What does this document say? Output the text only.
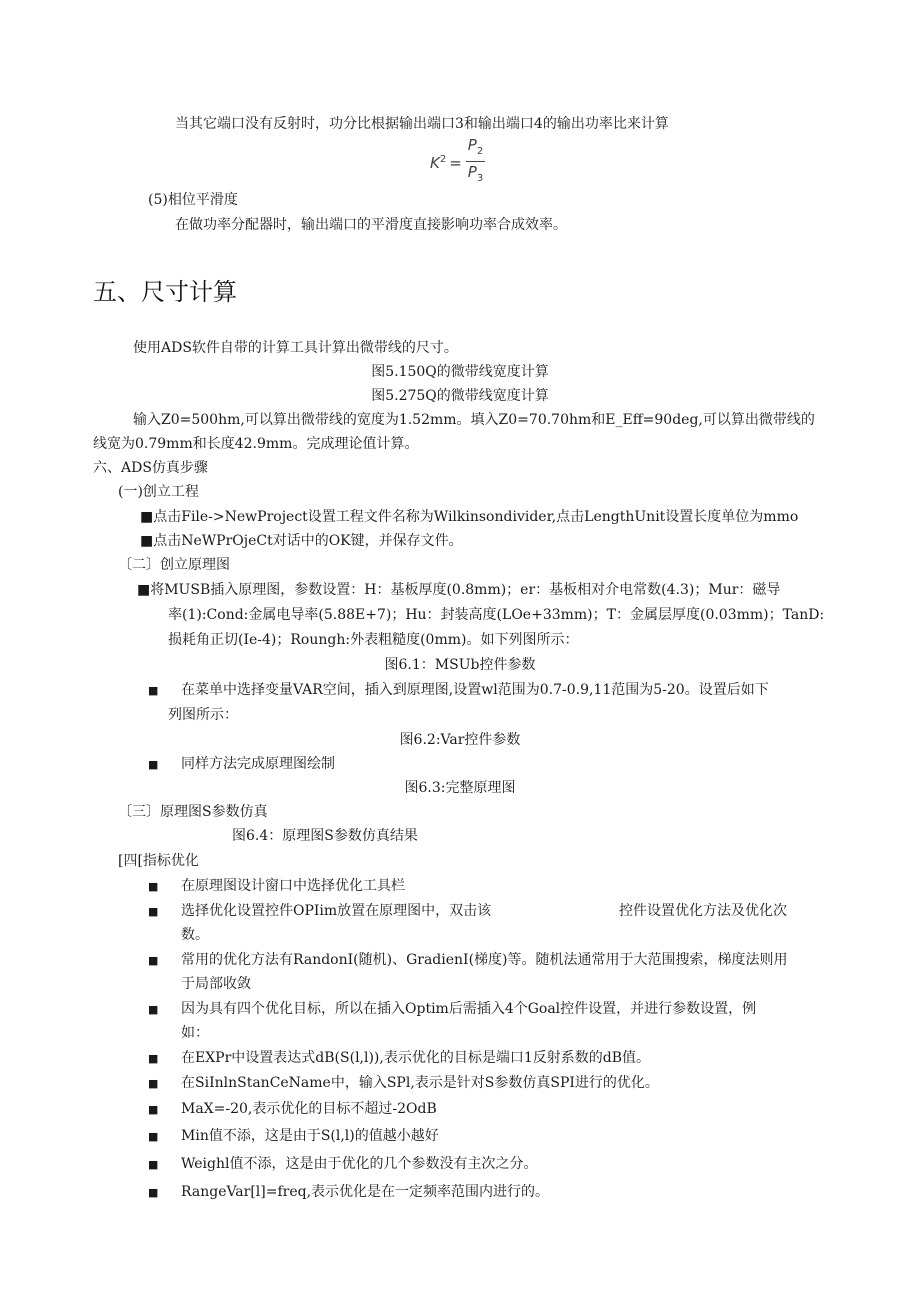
当其它端口没有反射时，功分比根据输出端口3和输出端口4的输出功率比来计算
$K^2 = \frac{P_2}{P_3}$
(5)相位平滑度
在做功率分配器时，输出端口的平滑度直接影响功率合成效率。
五、尺寸计算
使用ADS软件自带的计算工具计算出微带线的尺寸。
图5.150Q的微带线宽度计算
图5.275Q的微带线宽度计算
输入Z0=500hm,可以算出微带线的宽度为1.52mm。填入Z0=70.70hm和E_Eff=90deg,可以算出微带线的
线宽为0.79mm和长度42.9mm。完成理论值计算。
六、ADS仿真步骤
(一)创立工程
■点击File->NewProject设置工程文件名称为Wilkinsondivider,点击LengthUnit设置长度单位为mmo
■点击NeWPrOjeCt对话中的OK键，并保存文件。
〔二〕创立原理图
■将MUSB插入原理图，参数设置：H：基板厚度(0.8mm)；er：基板相对介电常数(4.3)；Mur：磁导
率(1):Cond:金属电导率(5.88E+7)；Hu：封装高度(LOe+33mm)；T：金属层厚度(0.03mm)；TanD:
损耗角正切(Ie-4)；Roungh:外表粗糙度(0mm)。如下列图所示：
图6.1：MSUb控件参数
■ 在菜单中选择变量VAR空间，插入到原理图,设置wl范围为0.7-0.9,11范围为5-20。设置后如下
列图所示：
图6.2:Var控件参数
■ 同样方法完成原理图绘制
图6.3:完整原理图
〔三〕原理图S参数仿真
图6.4：原理图S参数仿真结果
[四[指标优化
■ 在原理图设计窗口中选择优化工具栏
■ 选择优化设置控件OPIim放置在原理图中，双击该	控件设置优化方法及优化次
数。
■ 常用的优化方法有RandonI(随机)、GradienI(梯度)等。随机法通常用于大范围搜索，梯度法则用
于局部收敛
■ 因为具有四个优化目标，所以在插入Optim后需插入4个Goal控件设置，并进行参数设置，例
如：
■ 在EXPr中设置表达式dB(S(l,l)),表示优化的目标是端口1反射系数的dB值。
■ 在SiInlnStanCeName中，输入SPl,表示是针对S参数仿真SPI进行的优化。
■ MaX=-20,表示优化的目标不超过-2OdB
■ Min值不添，这是由于S(l,l)的值越小越好
■ Weighl值不添，这是由于优化的几个参数没有主次之分。
■ RangeVar[l]=freq,表示优化是在一定频率范围内进行的。
